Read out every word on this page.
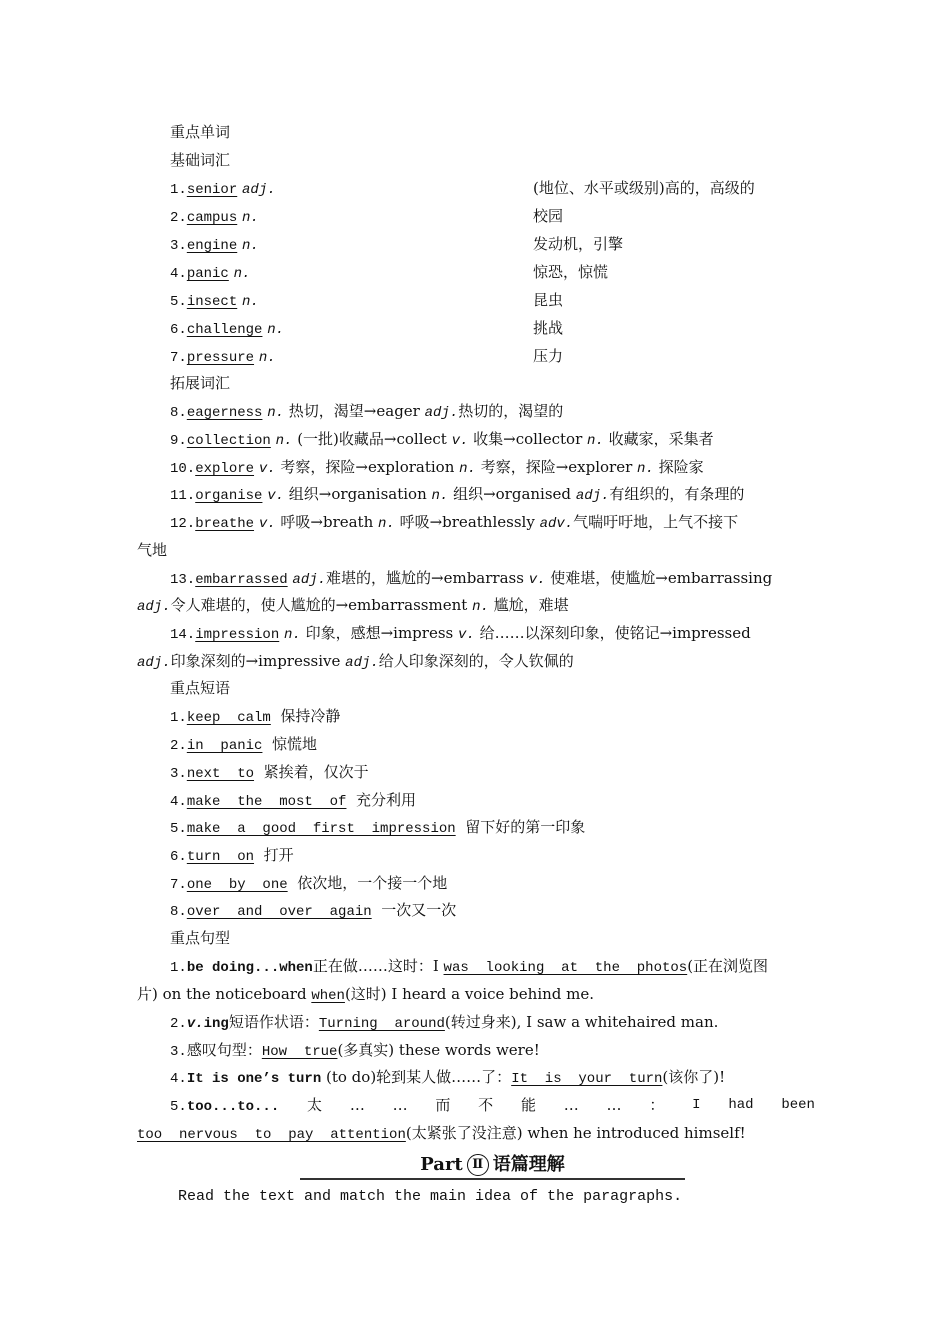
重点单词
基础词汇
1.senior adj.	(地位、水平或级别)高的，高级的
2.campus n.	校园
3.engine n.	发动机，引擎
4.panic n.	惊恐，惊慌
5.insect n.	昆虫
6.challenge n.	挑战
7.pressure n.	压力
拓展词汇
8.eagerness n. 热切，渴望→eager adj.热切的，渴望的
9.collection n. (一批)收藏品→collect v. 收集→collector n. 收藏家，采集者
10.explore v. 考察，探险→exploration n. 考察，探险→explorer n. 探险家
11.organise v. 组织→organisation n. 组织→organised adj.有组织的，有条理的
12.breathe v. 呼吸→breath n. 呼吸→breathlessly adv.气喘吁吁地，上气不接下
气地
13.embarrassed adj.难堪的，尴尬的→embarrass v. 使难堪，使尴尬→embarrassing
adj.令人难堪的，使人尴尬的→embarrassment n. 尴尬，难堪
14.impression n. 印象，感想→impress v. 给……以深刻印象，使铭记→impressed
adj.印象深刻的→impressive adj.给人印象深刻的，令人钦佩的
重点短语
1.keep  calm 保持冷静
2.in  panic 惊慌地
3.next  to 紧挨着，仅次于
4.make  the  most  of 充分利用
5.make  a  good  first  impression 留下好的第一印象
6.turn  on 打开
7.one  by  one 依次地，一个接一个地
8.over  and  over  again 一次又一次
重点句型
1.be doing...when正在做……这时：I was  looking  at  the  photos(正在浏览图
片) on the noticeboard when(这时) I heard a voice behind me.
2.v.ing短语作状语：Turning  around(转过身来), I saw a whitehaired man.
3.感叹句型：How  true(多真实) these words were!
4.It is one’s turn (to do)轮到某人做……了：It  is  your  turn(该你了)!
5.too...to... 太 … … 而 不 能 … … ： I had been
too  nervous  to  pay  attention(太紧张了没注意) when he introduced himself!
Part Ⅱ 语篇理解
Read the text and match the main idea of the paragraphs.
